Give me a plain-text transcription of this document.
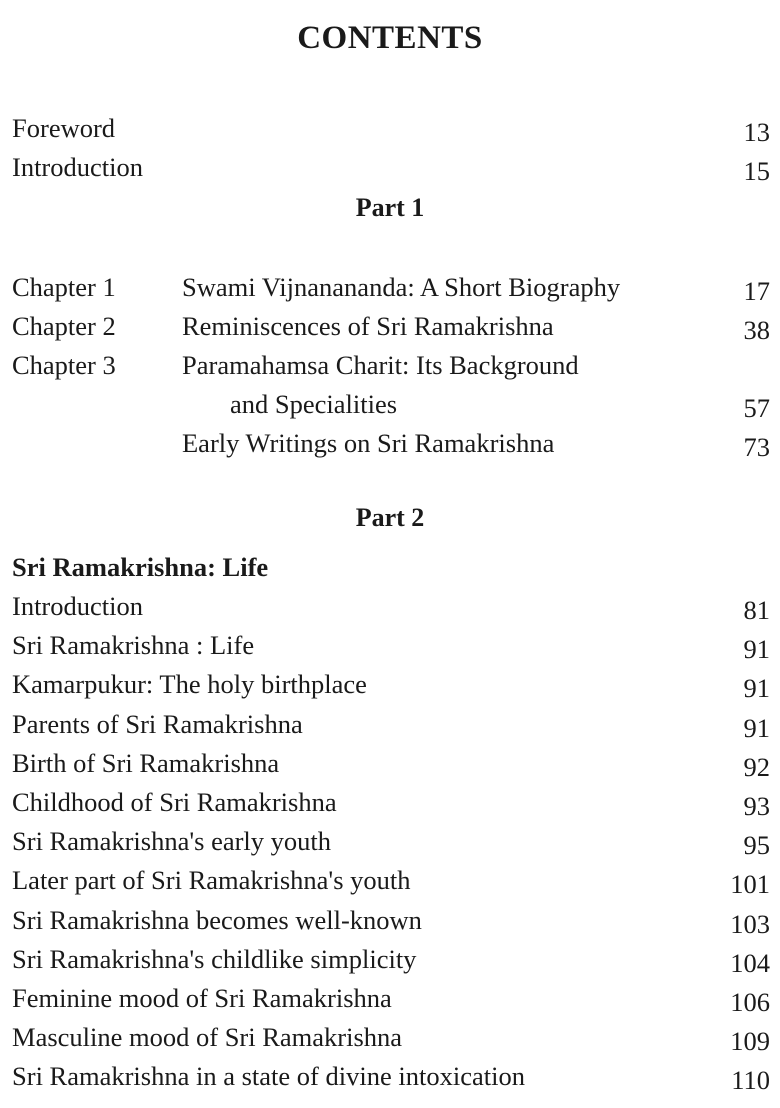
CONTENTS
Foreword	13
Introduction	15
Part 1
Chapter 1 Swami Vijnanananda: A Short Biography	17
Chapter 2 Reminiscences of Sri Ramakrishna	38
Chapter 3 Paramahamsa Charit: Its Background
and Specialities	57
Early Writings on Sri Ramakrishna	73
Part 2
Sri Ramakrishna: Life
Introduction	81
Sri Ramakrishna : Life	91
Kamarpukur: The holy birthplace	91
Parents of Sri Ramakrishna	91
Birth of Sri Ramakrishna	92
Childhood of Sri Ramakrishna	93
Sri Ramakrishna's early youth	95
Later part of Sri Ramakrishna's youth	101
Sri Ramakrishna becomes well-known	103
Sri Ramakrishna's childlike simplicity	104
Feminine mood of Sri Ramakrishna	106
Masculine mood of Sri Ramakrishna	109
Sri Ramakrishna in a state of divine intoxication	110
